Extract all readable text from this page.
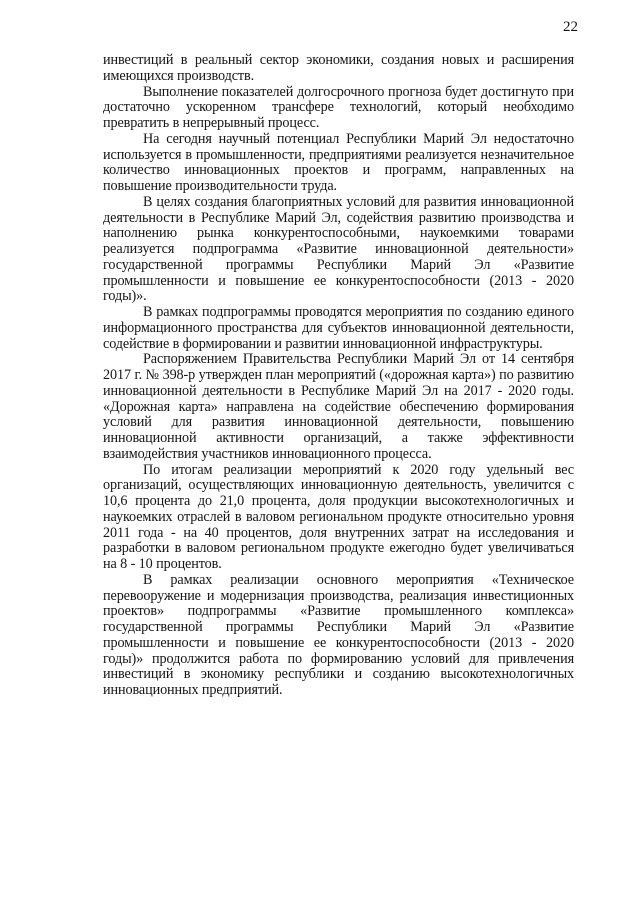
22

инвестиций в реальный сектор экономики, создания новых и расширения имеющихся производств.

Выполнение показателей долгосрочного прогноза будет достигнуто при достаточно ускоренном трансфере технологий, который необходимо превратить в непрерывный процесс.

На сегодня научный потенциал Республики Марий Эл недостаточно используется в промышленности, предприятиями реализуется незначительное количество инновационных проектов и программ, направленных на повышение производительности труда.

В целях создания благоприятных условий для развития инновационной деятельности в Республике Марий Эл, содействия развитию производства и наполнению рынка конкурентоспособными, наукоемкими товарами реализуется подпрограмма «Развитие инновационной деятельности» государственной программы Республики Марий Эл «Развитие промышленности и повышение ее конкурентоспособности (2013 - 2020 годы)».

В рамках подпрограммы проводятся мероприятия по созданию единого информационного пространства для субъектов инновационной деятельности, содействие в формировании и развитии инновационной инфраструктуры.

Распоряжением Правительства Республики Марий Эл от 14 сентября 2017 г. № 398-р утвержден план мероприятий («дорожная карта») по развитию инновационной деятельности в Республике Марий Эл на 2017 - 2020 годы. «Дорожная карта» направлена на содействие обеспечению формирования условий для развития инновационной деятельности, повышению инновационной активности организаций, а также эффективности взаимодействия участников инновационного процесса.

По итогам реализации мероприятий к 2020 году удельный вес организаций, осуществляющих инновационную деятельность, увеличится с 10,6 процента до 21,0 процента, доля продукции высокотехнологичных и наукоемких отраслей в валовом региональном продукте относительно уровня 2011 года - на 40 процентов, доля внутренних затрат на исследования и разработки в валовом региональном продукте ежегодно будет увеличиваться на 8 - 10 процентов.

В рамках реализации основного мероприятия «Техническое перевооружение и модернизация производства, реализация инвестиционных проектов» подпрограммы «Развитие промышленного комплекса» государственной программы Республики Марий Эл «Развитие промышленности и повышение ее конкурентоспособности (2013 - 2020 годы)» продолжится работа по формированию условий для привлечения инвестиций в экономику республики и созданию высокотехнологичных инновационных предприятий.
